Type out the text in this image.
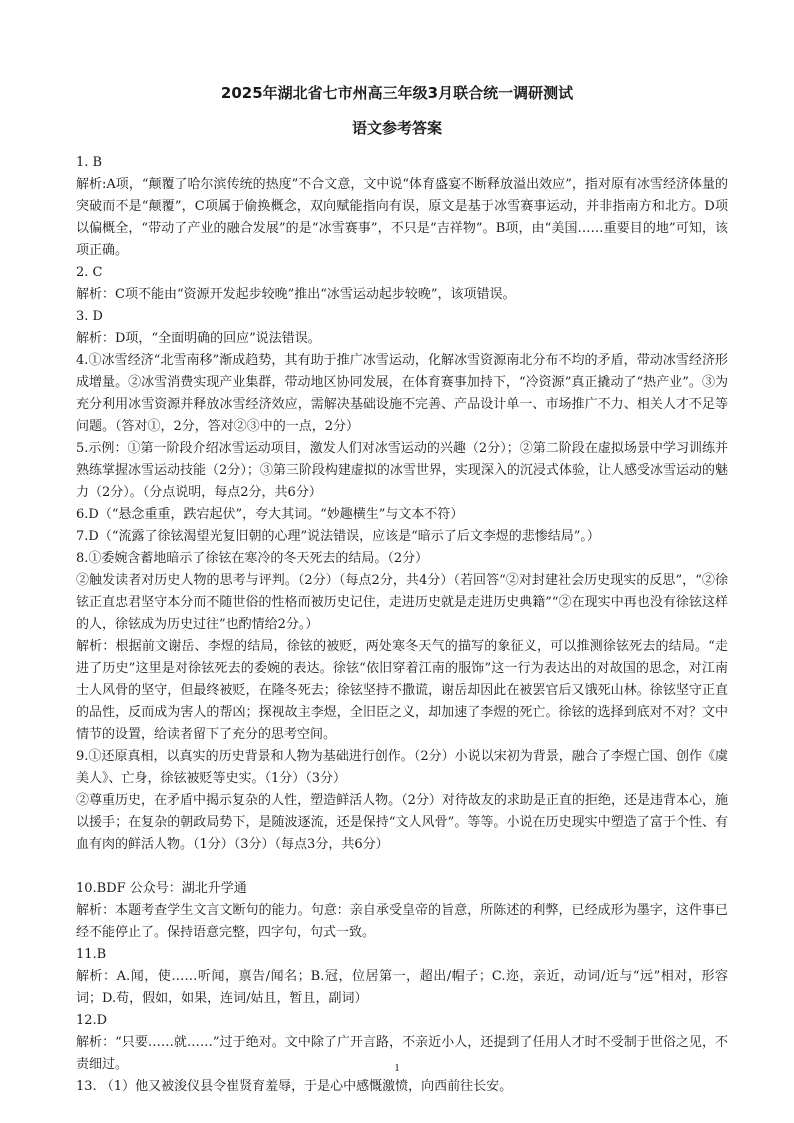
2025年湖北省七市州高三年级3月联合统一调研测试
语文参考答案

1. B

解析:A项，“颠覆了哈尔滨传统的热度”不合文意，文中说“体育盛宴不断释放溢出效应”，指对原有冰雪经济体量的突破而不是“颠覆”，C项属于偷换概念，双向赋能指向有误，原文是基于冰雪赛事运动，并非指南方和北方。D项以偏概全，“带动了产业的融合发展”的是“冰雪赛事”，不只是“吉祥物”。B项，由“美国……重要目的地”可知，该项正确。

2. C

解析：C项不能由“资源开发起步较晚”推出“冰雪运动起步较晚”，该项错误。

3. D

解析：D项，“全面明确的回应”说法错误。

4.①冰雪经济“北雪南移”渐成趋势，其有助于推广冰雪运动，化解冰雪资源南北分布不均的矛盾，带动冰雪经济形成增量。②冰雪消费实现产业集群，带动地区协同发展，在体育赛事加持下，“冷资源”真正撬动了“热产业”。③为充分利用冰雪资源并释放冰雪经济效应，需解决基础设施不完善、产品设计单一、市场推广不力、相关人才不足等问题。（答对①，2分，答对②③中的一点，2分）

5.示例：①第一阶段介绍冰雪运动项目，激发人们对冰雪运动的兴趣（2分）；②第二阶段在虚拟场景中学习训练并熟练掌握冰雪运动技能（2分）；③第三阶段构建虚拟的冰雪世界，实现深入的沉浸式体验，让人感受冰雪运动的魅力（2分）。（分点说明，每点2分，共6分）

6.D（“悬念重重，跌宕起伏”，夸大其词。“妙趣横生”与文本不符）

7.D（“流露了徐铉渴望光复旧朝的心理”说法错误，应该是“暗示了后文李煜的悲惨结局”。）

8.①委婉含蓄地暗示了徐铉在寒冷的冬天死去的结局。（2分）

②触发读者对历史人物的思考与评判。（2分）（每点2分，共4分）（若回答“②对封建社会历史现实的反思”，“②徐铉正直忠君坚守本分而不随世俗的性格而被历史记住，走进历史就是走进历史典籍”“②在现实中再也没有徐铉这样的人，徐铉成为历史过往”也酌情给2分。）

解析：根据前文谢岳、李煜的结局，徐铉的被贬，两处寒冬天气的描写的象征义，可以推测徐铉死去的结局。“走进了历史”这里是对徐铉死去的委婉的表达。徐铉“依旧穿着江南的服饰”这一行为表达出的对故国的思念，对江南士人风骨的坚守，但最终被贬，在隆冬死去；徐铉坚持不撒谎，谢岳却因此在被罢官后又饿死山林。徐铉坚守正直的品性，反而成为害人的帮凶；探视故主李煜，全旧臣之义，却加速了李煜的死亡。徐铉的选择到底对不对？文中情节的设置，给读者留下了充分的思考空间。

9.①还原真相，以真实的历史背景和人物为基础进行创作。（2分）小说以宋初为背景，融合了李煜亡国、创作《虞美人》、亡身，徐铉被贬等史实。（1分）（3分）

②尊重历史，在矛盾中揭示复杂的人性，塑造鲜活人物。（2分）对待故友的求助是正直的拒绝，还是违背本心，施以援手；在复杂的朝政局势下，是随波逐流，还是保持“文人风骨”。等等。小说在历史现实中塑造了富于个性、有血有肉的鲜活人物。（1分）（3分）（每点3分，共6分）

10.BDF 公众号：湖北升学通

解析：本题考查学生文言文断句的能力。句意：亲自承受皇帝的旨意，所陈述的利弊，已经成形为墨字，这件事已经不能停止了。保持语意完整，四字句，句式一致。

11.B

解析：A.闻，使……听闻，禀告/闻名；B.冠，位居第一，超出/帽子；C.迩，亲近，动词/近与“远”相对，形容词；D.苟，假如，如果，连词/姑且，暂且，副词）

12.D

解析：“只要……就……”过于绝对。文中除了广开言路，不亲近小人，还提到了任用人才时不受制于世俗之见，不责细过。

13. （1）他又被浚仪县令崔贤育羞辱，于是心中感慨激愤，向西前往长安。

1
